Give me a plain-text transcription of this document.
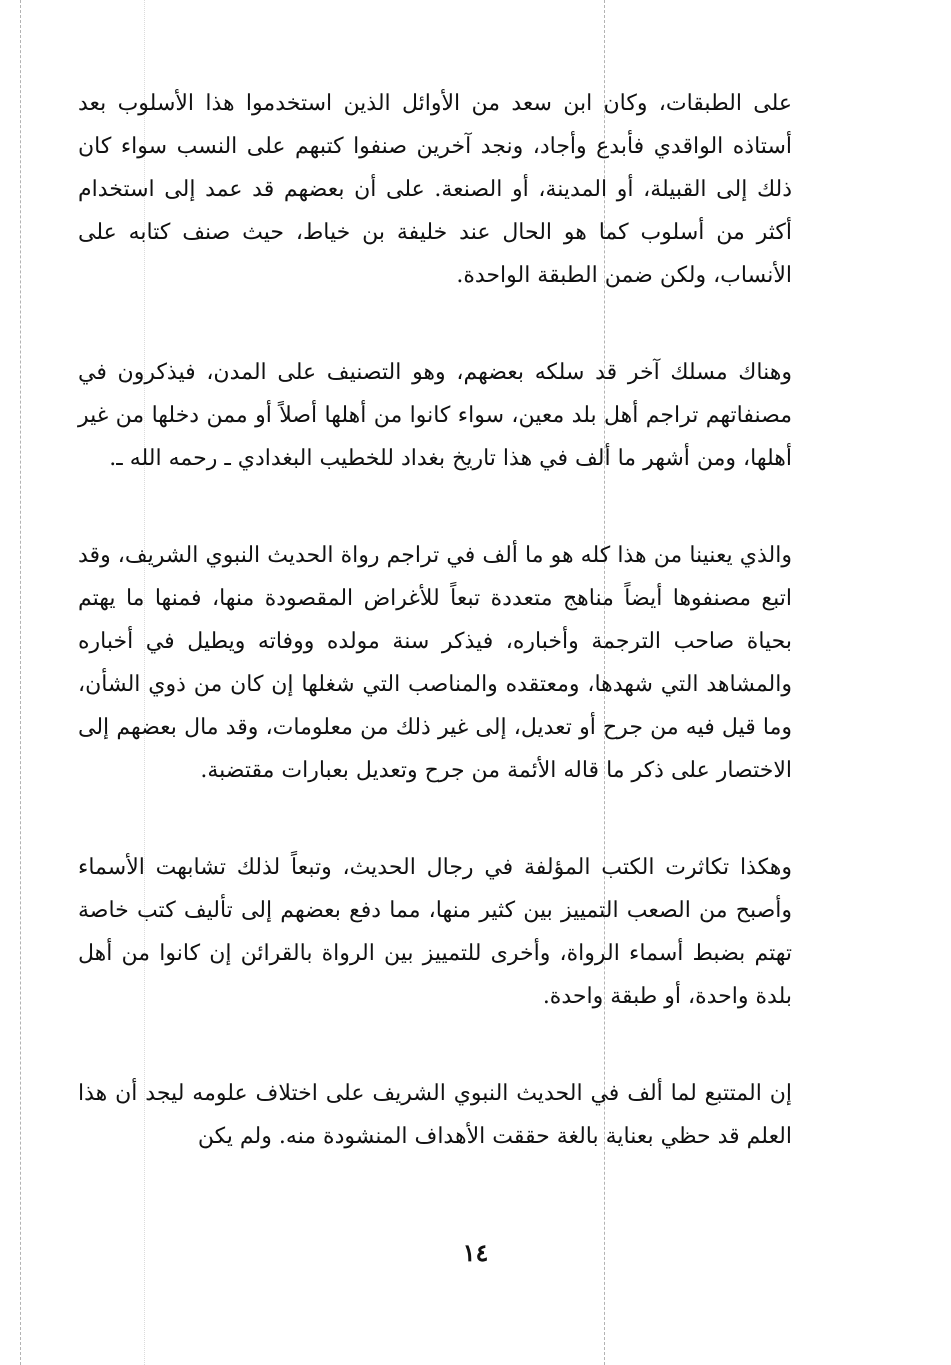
على الطبقات، وكان ابن سعد من الأوائل الذين استخدموا هذا الأسلوب بعد أستاذه الواقدي فأبدع وأجاد، ونجد آخرين صنفوا كتبهم على النسب سواء كان ذلك إلى القبيلة، أو المدينة، أو الصنعة. على أن بعضهم قد عمد إلى استخدام أكثر من أسلوب كما هو الحال عند خليفة بن خياط، حيث صنف كتابه على الأنساب، ولكن ضمن الطبقة الواحدة.

وهناك مسلك آخر قد سلكه بعضهم، وهو التصنيف على المدن، فيذكرون في مصنفاتهم تراجم أهل بلد معين، سواء كانوا من أهلها أصلاً أو ممن دخلها من غير أهلها، ومن أشهر ما ألف في هذا تاريخ بغداد للخطيب البغدادي ـ رحمه الله ـ.

والذي يعنينا من هذا كله هو ما ألف في تراجم رواة الحديث النبوي الشريف، وقد اتبع مصنفوها أيضاً مناهج متعددة تبعاً للأغراض المقصودة منها، فمنها ما يهتم بحياة صاحب الترجمة وأخباره، فيذكر سنة مولده ووفاته ويطيل في أخباره والمشاهد التي شهدها، ومعتقده والمناصب التي شغلها إن كان من ذوي الشأن، وما قيل فيه من جرح أو تعديل، إلى غير ذلك من معلومات، وقد مال بعضهم إلى الاختصار على ذكر ما قاله الأئمة من جرح وتعديل بعبارات مقتضبة.

وهكذا تكاثرت الكتب المؤلفة في رجال الحديث، وتبعاً لذلك تشابهت الأسماء وأصبح من الصعب التمييز بين كثير منها، مما دفع بعضهم إلى تأليف كتب خاصة تهتم بضبط أسماء الرواة، وأخرى للتمييز بين الرواة بالقرائن إن كانوا من أهل بلدة واحدة، أو طبقة واحدة.

إن المتتبع لما ألف في الحديث النبوي الشريف على اختلاف علومه ليجد أن هذا العلم قد حظي بعناية بالغة حققت الأهداف المنشودة منه. ولم يكن

١٤
